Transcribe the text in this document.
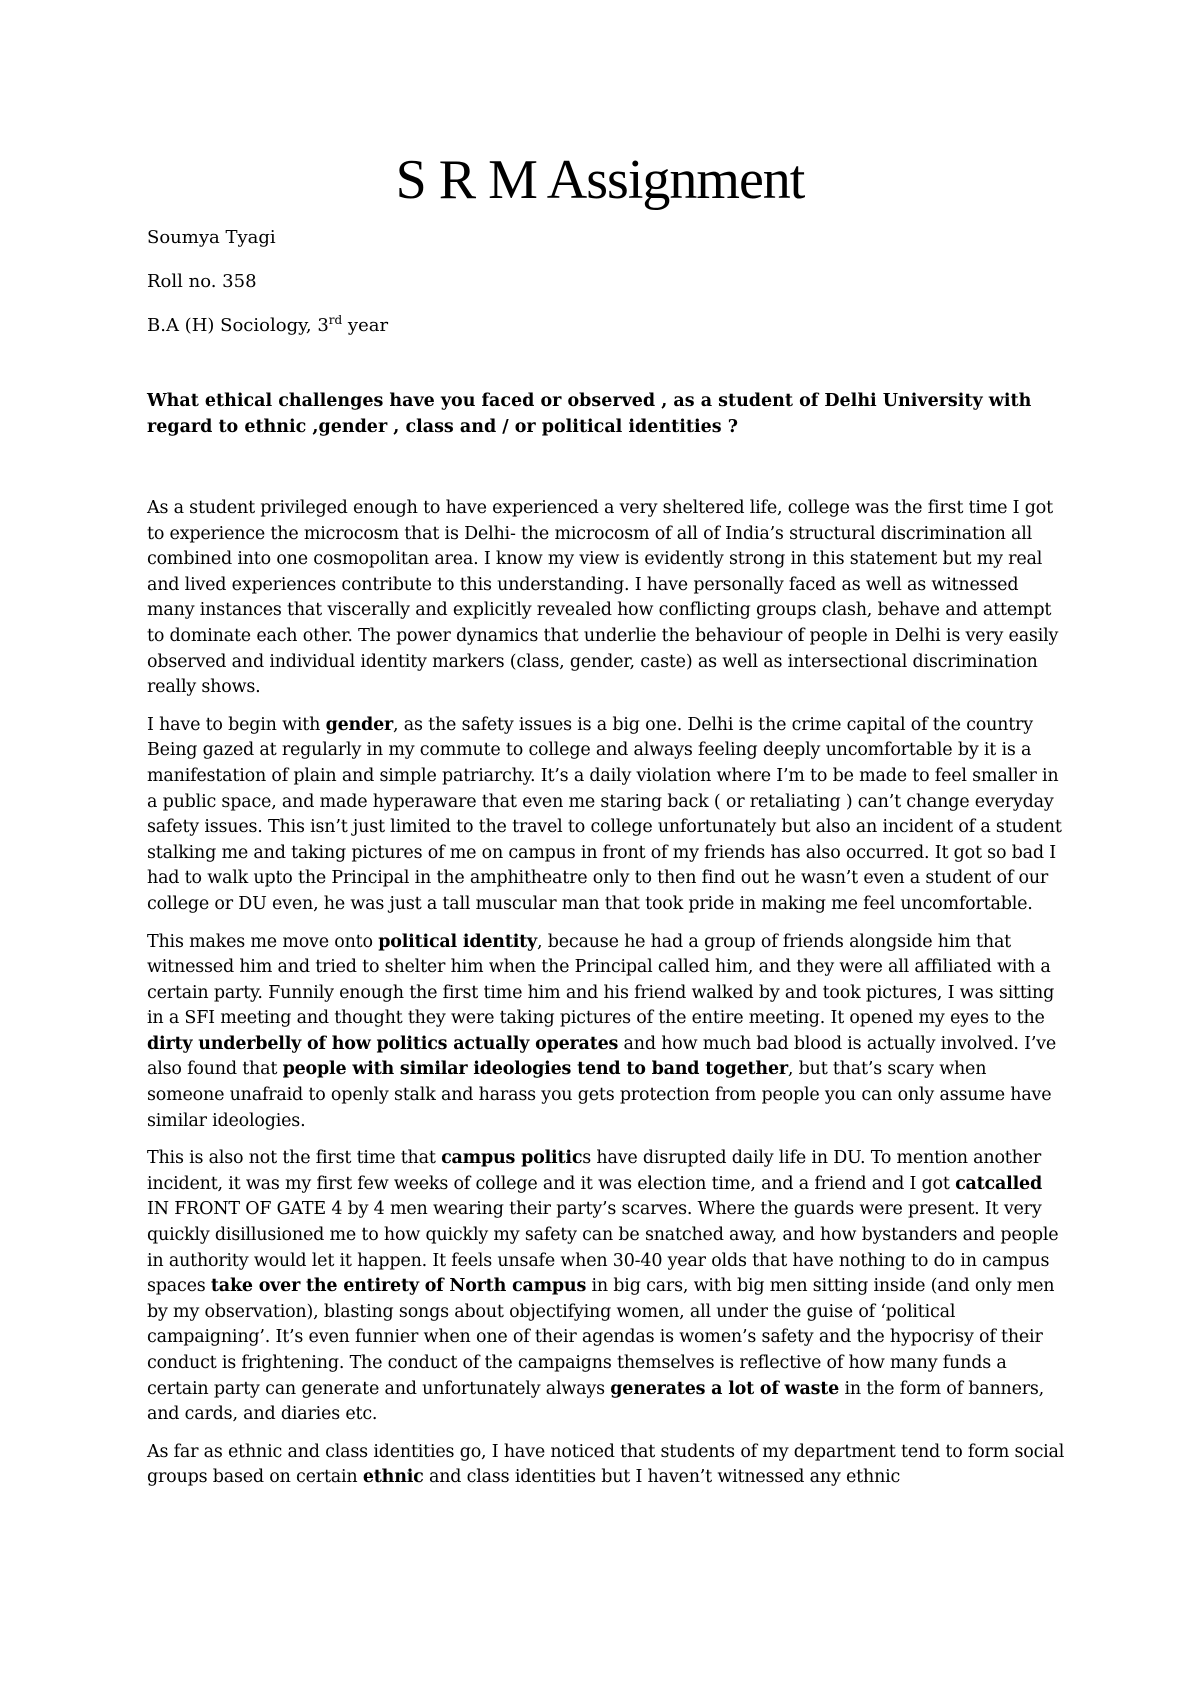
S R M Assignment

Soumya Tyagi

Roll no. 358

B.A (H) Sociology, 3rd year

What ethical challenges have you faced or observed , as a student of Delhi University with regard to ethnic ,gender , class and / or political identities ?

As a student privileged enough to have experienced a very sheltered life, college was the first time I got to experience the microcosm that is Delhi- the microcosm of all of India’s structural discrimination all combined into one cosmopolitan area. I know my view is evidently strong in this statement but my real and lived experiences contribute to this understanding. I have personally faced as well as witnessed many instances that viscerally and explicitly revealed how conflicting groups clash, behave and attempt to dominate each other. The power dynamics that underlie the behaviour of people in Delhi is very easily observed and individual identity markers (class, gender, caste) as well as intersectional discrimination really shows.

I have to begin with gender, as the safety issues is a big one. Delhi is the crime capital of the country Being gazed at regularly in my commute to college and always feeling deeply uncomfortable by it is a manifestation of plain and simple patriarchy. It’s a daily violation where I’m to be made to feel smaller in a public space, and made hyperaware that even me staring back ( or retaliating ) can’t change everyday safety issues. This isn’t just limited to the travel to college unfortunately but also an incident of a student stalking me and taking pictures of me on campus in front of my friends has also occurred. It got so bad I had to walk upto the Principal in the amphitheatre only to then find out he wasn’t even a student of our college or DU even, he was just a tall muscular man that took pride in making me feel uncomfortable.

This makes me move onto political identity, because he had a group of friends alongside him that witnessed him and tried to shelter him when the Principal called him, and they were all affiliated with a certain party. Funnily enough the first time him and his friend walked by and took pictures, I was sitting in a SFI meeting and thought they were taking pictures of the entire meeting. It opened my eyes to the dirty underbelly of how politics actually operates and how much bad blood is actually involved. I’ve also found that people with similar ideologies tend to band together, but that’s scary when someone unafraid to openly stalk and harass you gets protection from people you can only assume have similar ideologies.

This is also not the first time that campus politics have disrupted daily life in DU. To mention another incident, it was my first few weeks of college and it was election time, and a friend and I got catcalled IN FRONT OF GATE 4 by 4 men wearing their party’s scarves. Where the guards were present. It very quickly disillusioned me to how quickly my safety can be snatched away, and how bystanders and people in authority would let it happen. It feels unsafe when 30-40 year olds that have nothing to do in campus spaces take over the entirety of North campus in big cars, with big men sitting inside (and only men by my observation), blasting songs about objectifying women, all under the guise of ‘political campaigning’. It’s even funnier when one of their agendas is women’s safety and the hypocrisy of their conduct is frightening. The conduct of the campaigns themselves is reflective of how many funds a certain party can generate and unfortunately always generates a lot of waste in the form of banners, and cards, and diaries etc.

As far as ethnic and class identities go, I have noticed that students of my department tend to form social groups based on certain ethnic and class identities but I haven’t witnessed any ethnic
